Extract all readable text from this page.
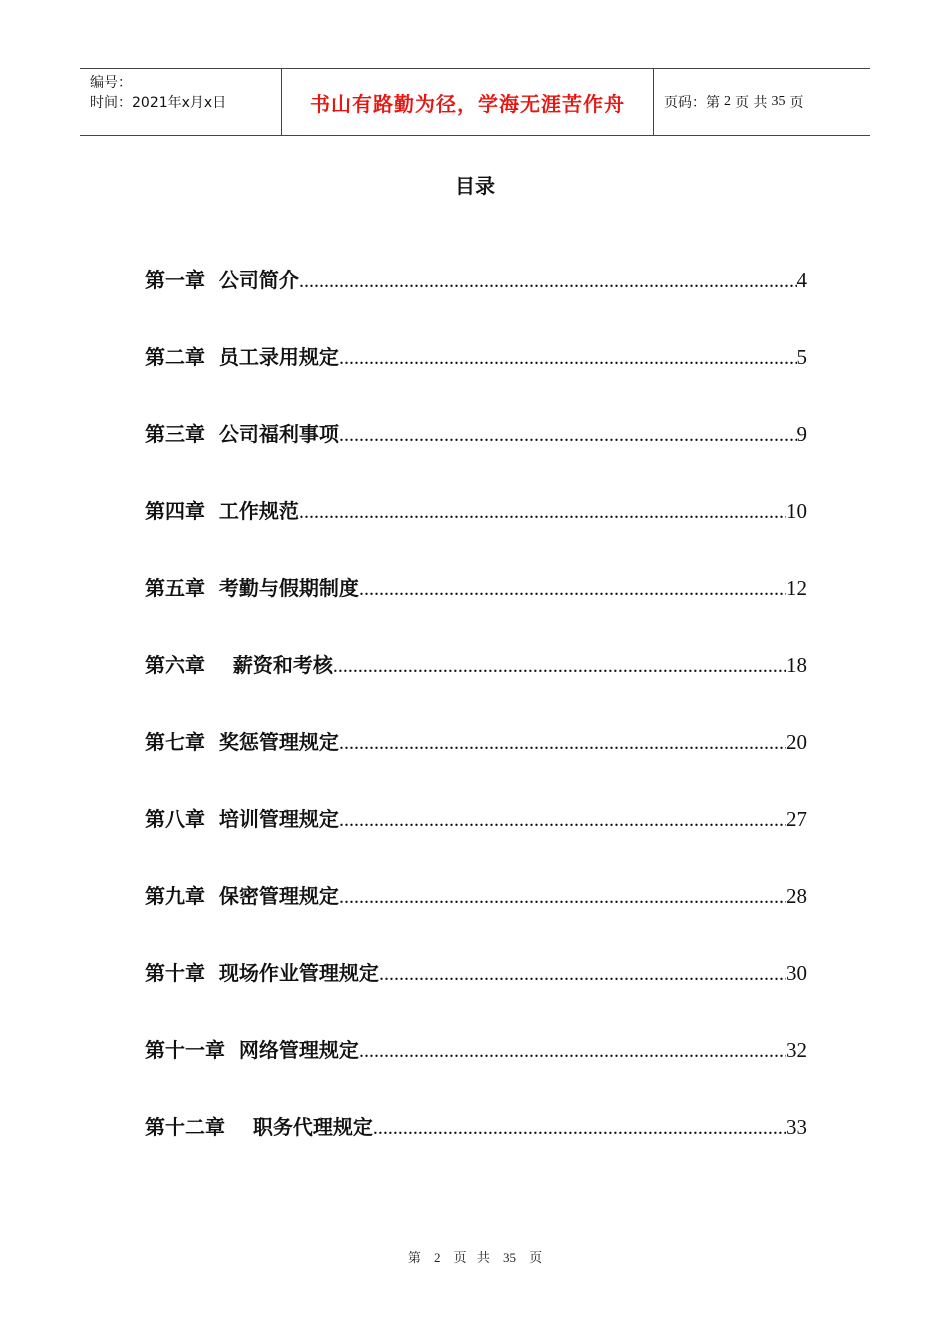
编号：
时间：2021年x月x日	书山有路勤为径，学海无涯苦作舟	页码：第 2 页 共 35 页
目录
第一章  公司简介 .....	4
第二章  员工录用规定 .....	5
第三章  公司福利事项 .....	9
第四章  工作规范 .....	10
第五章  考勤与假期制度 .....	12
第六章    薪资和考核 .....	18
第七章  奖惩管理规定 .....	20
第八章  培训管理规定 .....	27
第九章  保密管理规定 .....	28
第十章  现场作业管理规定 .....	30
第十一章  网络管理规定 .....	32
第十二章    职务代理规定 .....	33
第 2 页 共 35 页
